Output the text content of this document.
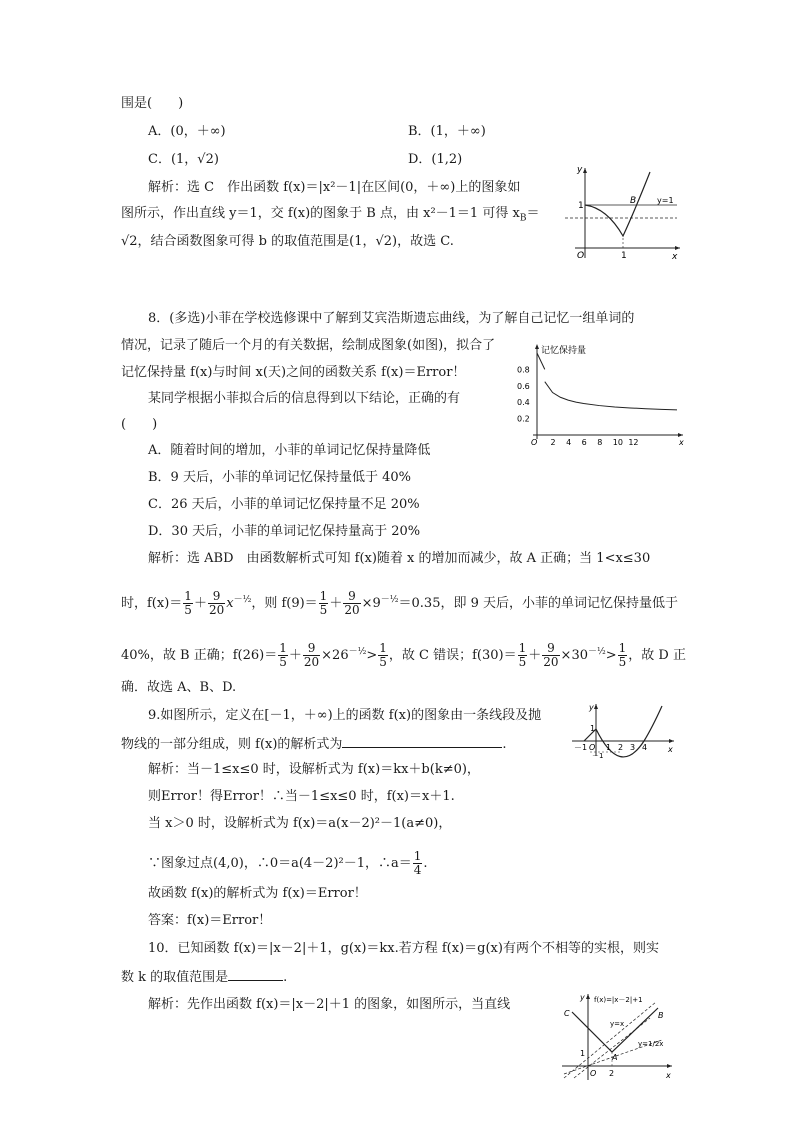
围是(　　)
A．(0，＋∞)	B．(1，＋∞)
C．(1，√2)	D．(1,2)
解析：选 C　作出函数 f(x)＝|x²－1|在区间(0，＋∞)上的图象如
图所示，作出直线 y＝1，交 f(x)的图象于 B 点，由 x²－1＝1 可得 $x_B=$
√2，结合函数图象可得 b 的取值范围是(1，√2)，故选 C.
y
x
O
1
1
B	y=1
8．(多选)小菲在学校选修课中了解到艾宾浩斯遗忘曲线，为了解自己记忆一组单词的
情况，记录了随后一个月的有关数据，绘制成图象(如图)，拟合了
记忆保持量 f(x)与时间 x(天)之间的函数关系 f(x)＝Error！
某同学根据小菲拟合后的信息得到以下结论，正确的有
(　　)
A．随着时间的增加，小菲的单词记忆保持量降低
B．9 天后，小菲的单词记忆保持量低于 40%
C．26 天后，小菲的单词记忆保持量不足 20%
D．30 天后，小菲的单词记忆保持量高于 20%
解析：选 ABD　由函数解析式可知 f(x)随着 x 的增加而减少，故 A 正确；当 1<x≤30
时，$f(x)= \frac{1}{5} + \frac{9}{20} x^{-\frac{1}{2}}$，则 $f(9)= \frac{1}{5} + \frac{9}{20} \times 9^{-\frac{1}{2}}=0.35$，即 9 天后，小菲的单词记忆保持量低于
40%，故 B 正确；$f(26)= \frac{1}{5} + \frac{9}{20} \times 26^{-\frac{1}{2}}> \frac{1}{5}$ ，故 C 错误；$f(30)= \frac{1}{5} + \frac{9}{20} \times 30^{-\frac{1}{2}}> \frac{1}{5}$ ，故 D 正
确．故选 A、B、D.
记忆保持量
x
O 2 4 6 8 10 12
0.8
0.6
0.4
0.2
9.如图所示，定义在[－1，＋∞)上的函数 f(x)的图象由一条线段及抛
物线的一部分组成，则 f(x)的解析式为	.
解析：当－1≤x≤0 时，设解析式为 f(x)＝kx＋b(k≠0)，
则Error！得Error！∴当－1≤x≤0 时，f(x)＝x＋1.
当 x＞0 时，设解析式为 f(x)＝a(x－2)²－1(a≠0)，
∵图象过点(4,0)，∴0＝a(4－2)²－1，∴a＝ $\frac{1}{4}$ .
故函数 f(x)的解析式为 f(x)＝Error！
答案：f(x)＝Error！
y
x
O
－1
1
1 2 3 4
－1
10．已知函数 f(x)＝|x－2|＋1，g(x)＝kx.若方程 f(x)＝g(x)有两个不相等的实根，则实
数 k 的取值范围是	.
解析：先作出函数 f(x)＝|x－2|＋1 的图象，如图所示，当直线	y
x
O
f(x)=|x－2|+1
y=x
y=1/2x
C	B
A
1
2
